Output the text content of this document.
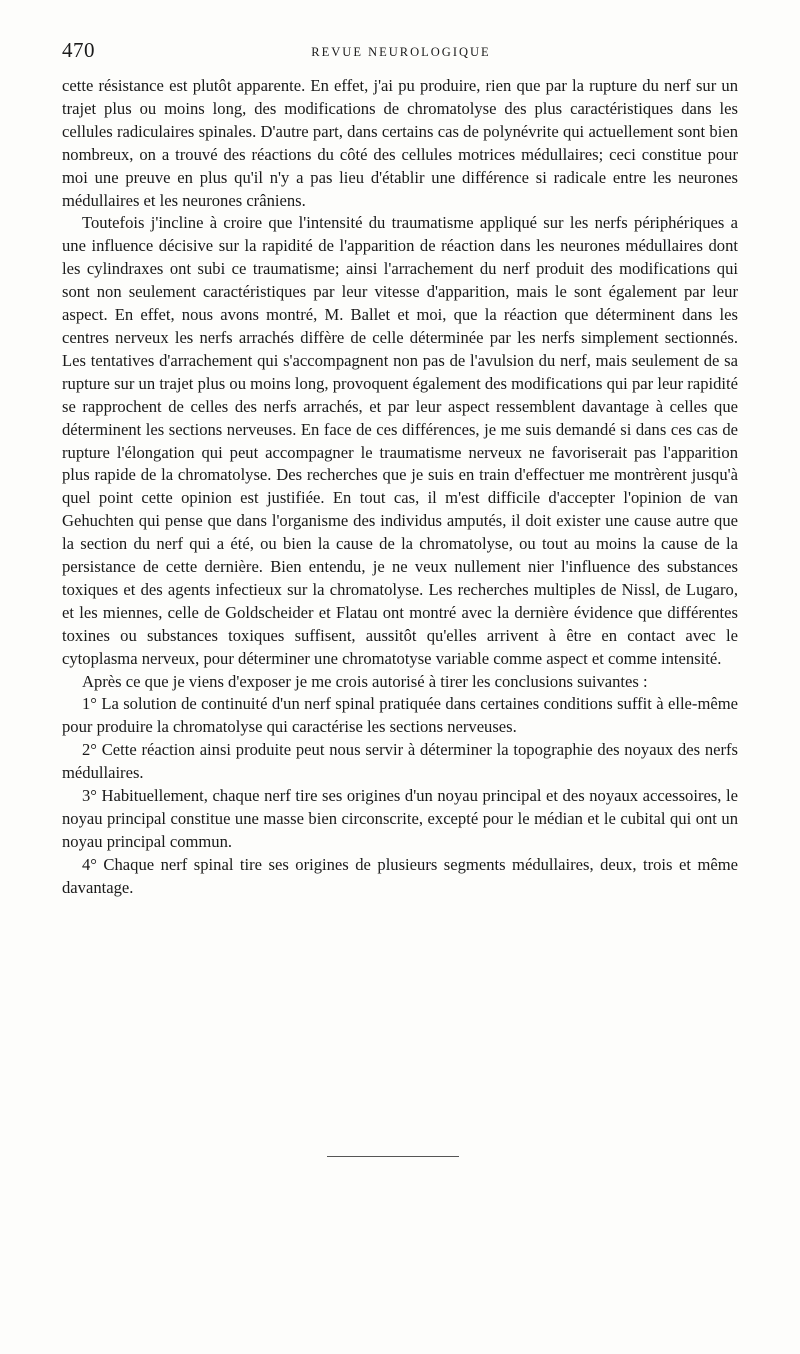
470	REVUE NEUROLOGIQUE

cette résistance est plutôt apparente. En effet, j'ai pu produire, rien que par la rupture du nerf sur un trajet plus ou moins long, des modifications de chromatolyse des plus caractéristiques dans les cellules radiculaires spinales. D'autre part, dans certains cas de polynévrite qui actuellement sont bien nombreux, on a trouvé des réactions du côté des cellules motrices médullaires; ceci constitue pour moi une preuve en plus qu'il n'y a pas lieu d'établir une différence si radicale entre les neurones médullaires et les neurones crâniens.

Toutefois j'incline à croire que l'intensité du traumatisme appliqué sur les nerfs périphériques a une influence décisive sur la rapidité de l'apparition de réaction dans les neurones médullaires dont les cylindraxes ont subi ce traumatisme; ainsi l'arrachement du nerf produit des modifications qui sont non seulement caractéristiques par leur vitesse d'apparition, mais le sont également par leur aspect. En effet, nous avons montré, M. Ballet et moi, que la réaction que déterminent dans les centres nerveux les nerfs arrachés diffère de celle déterminée par les nerfs simplement sectionnés. Les tentatives d'arrachement qui s'accompagnent non pas de l'avulsion du nerf, mais seulement de sa rupture sur un trajet plus ou moins long, provoquent également des modifications qui par leur rapidité se rapprochent de celles des nerfs arrachés, et par leur aspect ressemblent davantage à celles que déterminent les sections nerveuses. En face de ces différences, je me suis demandé si dans ces cas de rupture l'élongation qui peut accompagner le traumatisme nerveux ne favoriserait pas l'apparition plus rapide de la chromatolyse. Des recherches que je suis en train d'effectuer me montrèrent jusqu'à quel point cette opinion est justifiée. En tout cas, il m'est difficile d'accepter l'opinion de van Gehuchten qui pense que dans l'organisme des individus amputés, il doit exister une cause autre que la section du nerf qui a été, ou bien la cause de la chromatolyse, ou tout au moins la cause de la persistance de cette dernière. Bien entendu, je ne veux nullement nier l'influence des substances toxiques et des agents infectieux sur la chromatolyse. Les recherches multiples de Nissl, de Lugaro, et les miennes, celle de Goldscheider et Flatau ont montré avec la dernière évidence que différentes toxines ou substances toxiques suffisent, aussitôt qu'elles arrivent à être en contact avec le cytoplasma nerveux, pour déterminer une chromatotyse variable comme aspect et comme intensité.

Après ce que je viens d'exposer je me crois autorisé à tirer les conclusions suivantes :

1° La solution de continuité d'un nerf spinal pratiquée dans certaines conditions suffit à elle-même pour produire la chromatolyse qui caractérise les sections nerveuses.

2° Cette réaction ainsi produite peut nous servir à déterminer la topographie des noyaux des nerfs médullaires.

3° Habituellement, chaque nerf tire ses origines d'un noyau principal et des noyaux accessoires, le noyau principal constitue une masse bien circonscrite, excepté pour le médian et le cubital qui ont un noyau principal commun.

4° Chaque nerf spinal tire ses origines de plusieurs segments médullaires, deux, trois et même davantage.
